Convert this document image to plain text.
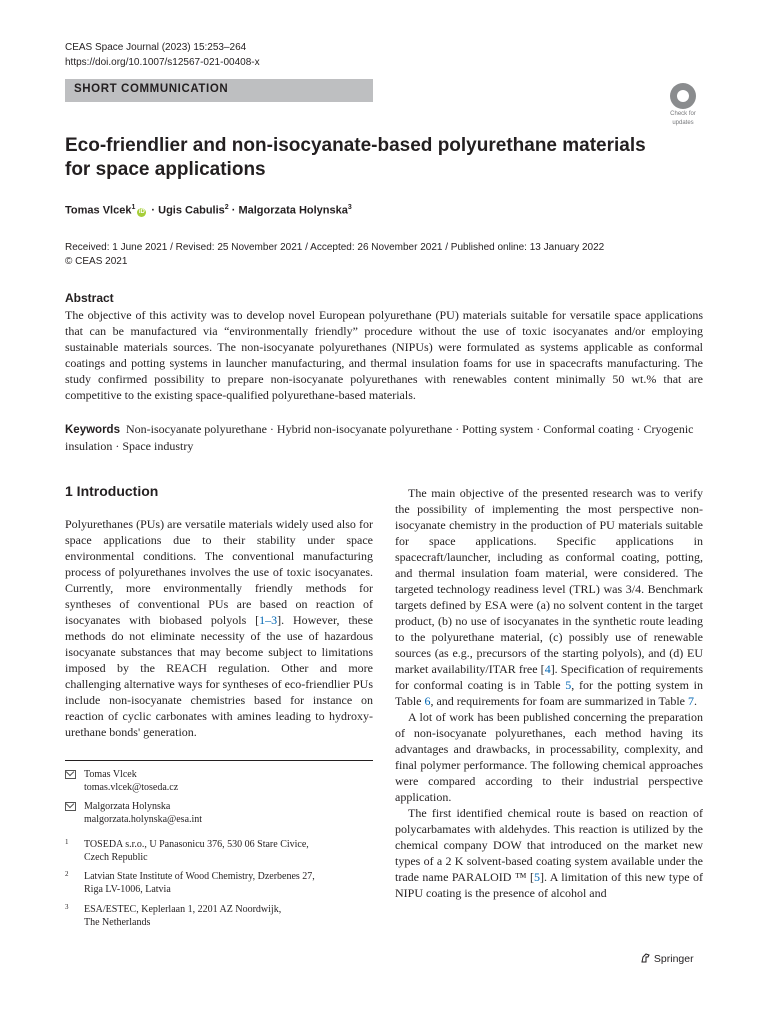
CEAS Space Journal (2023) 15:253–264
https://doi.org/10.1007/s12567-021-00408-x
SHORT COMMUNICATION
Check for
updates
Eco-friendlier and non-isocyanate-based polyurethane materials for space applications
Tomas Vlcek$^1$iD · Ugis Cabulis$^2$ · Malgorzata Holynska$^3$
Received: 1 June 2021 / Revised: 25 November 2021 / Accepted: 26 November 2021 / Published online: 13 January 2022
© CEAS 2021
Abstract

The objective of this activity was to develop novel European polyurethane (PU) materials suitable for versatile space applications that can be manufactured via “environmentally friendly” procedure without the use of toxic isocyanates and/or employing sustainable materials sources. The non-isocyanate polyurethanes (NIPUs) were formulated as systems applicable as conformal coatings and potting systems in launcher manufacturing, and thermal insulation foams for use in spacecrafts manufacturing. The study confirmed possibility to prepare non-isocyanate polyurethanes with renewables content minimally 50 wt.% that are competitive to the existing space-qualified polyurethane-based materials.

Keywords Non-isocyanate polyurethane · Hybrid non-isocyanate polyurethane · Potting system · Conformal coating · Cryogenic insulation · Space industry

1 Introduction

Polyurethanes (PUs) are versatile materials widely used also for space applications due to their stability under space environmental conditions. The conventional manufacturing process of polyurethanes involves the use of toxic isocyanates. Currently, more environmentally friendly methods for syntheses of conventional PUs are based on reaction of isocyanates with biobased polyols [1–3]. However, these methods do not eliminate necessity of the use of hazardous isocyanate substances that may become subject to limitations imposed by the REACH regulation. Other and more challenging alternative ways for syntheses of eco-friendlier PUs include non-isocyanate chemistries based for instance on reaction of cyclic carbonates with amines leading to hydroxy-urethane bonds' generation.

The main objective of the presented research was to verify the possibility of implementing the most perspective non-isocyanate chemistry in the production of PU materials suitable for space applications. Specific applications in spacecraft/launcher, including as conformal coating, potting, and thermal insulation foam material, were considered. The targeted technology readiness level (TRL) was 3/4. Benchmark targets defined by ESA were (a) no solvent content in the target product, (b) no use of isocyanates in the synthetic route leading to the polyurethane material, (c) possibly use of renewable sources (as e.g., precursors of the starting polyols), and (d) EU market availability/ITAR free [4]. Specification of requirements for conformal coating is in Table 5, for the potting system in Table 6, and requirements for foam are summarized in Table 7.

A lot of work has been published concerning the preparation of non-isocyanate polyurethanes, each method having its advantages and drawbacks, in processability, complexity, and final polymer performance. The following chemical approaches were compared according to their industrial perspective application.

The first identified chemical route is based on reaction of polycarbamates with aldehydes. This reaction is utilized by the chemical company DOW that introduced on the market new types of a 2 K solvent-based coating system available under the trade name PARALOID ™ [5]. A limitation of this new type of NIPU coating is the presence of alcohol and

Tomas Vlcek
tomas.vlcek@toseda.cz
Malgorzata Holynska
malgorzata.holynska@esa.int
1 TOSEDA s.r.o., U Panasonicu 376, 530 06 Stare Civice,
Czech Republic
2 Latvian State Institute of Wood Chemistry, Dzerbenes 27,
Riga LV-1006, Latvia
3 ESA/ESTEC, Keplerlaan 1, 2201 AZ Noordwijk,
The Netherlands
Springer
